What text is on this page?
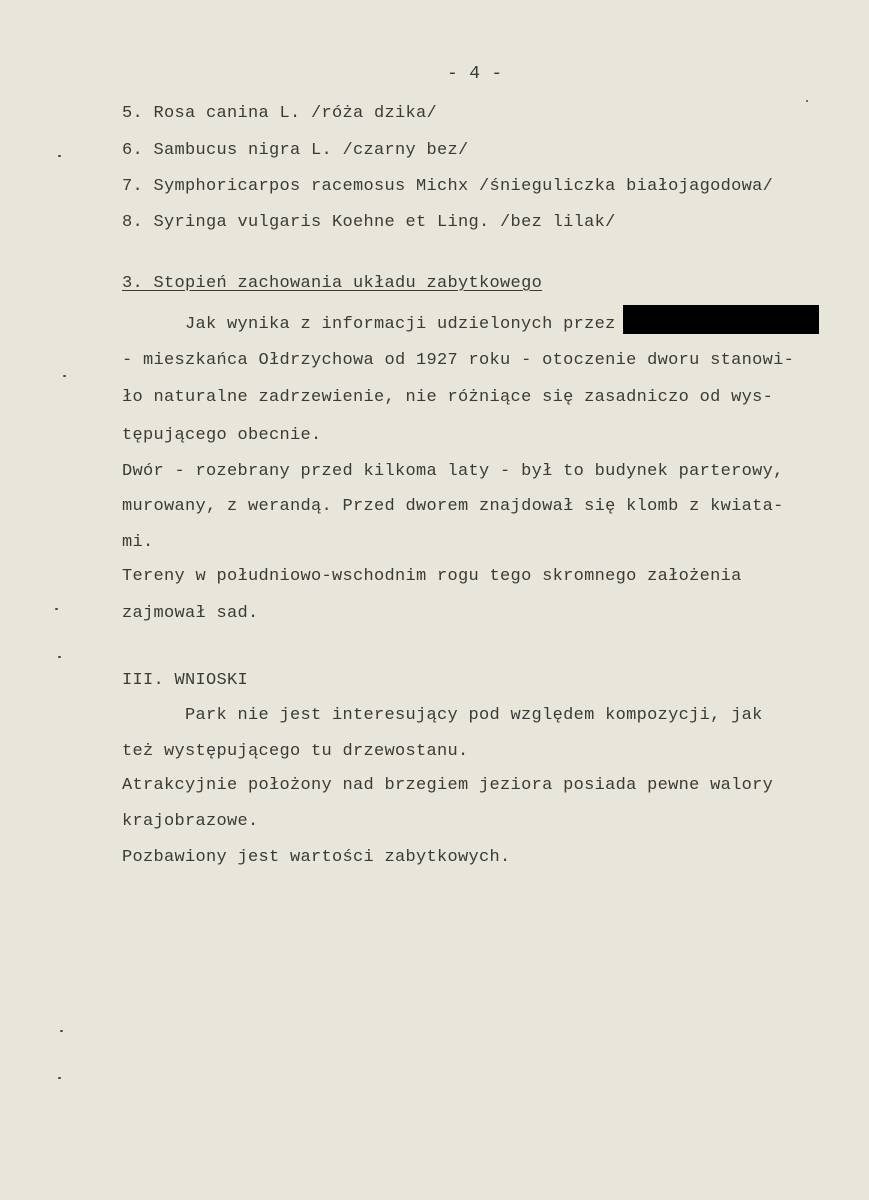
- 4 -
5. Rosa canina L. /róża dzika/
6. Sambucus nigra L. /czarny bez/
7. Symphoricarpos racemosus Michx /śnieguliczka białojagodowa/
8. Syringa vulgaris Koehne et Ling. /bez lilak/
3. Stopień zachowania układu zabytkowego
Jak wynika z informacji udzielonych przez
- mieszkańca Ołdrzychowa od 1927 roku - otoczenie dworu stanowi-
ło naturalne zadrzewienie, nie różniące się zasadniczo od wys-
tępującego obecnie.
Dwór - rozebrany przed kilkoma laty - był to budynek parterowy,
murowany, z werandą. Przed dworem znajdował się klomb z kwiata-
mi.
Tereny w południowo-wschodnim rogu tego skromnego założenia
zajmował sad.
III. WNIOSKI
Park nie jest interesujący pod względem kompozycji, jak
też występującego tu drzewostanu.
Atrakcyjnie położony nad brzegiem jeziora posiada pewne walory
krajobrazowe.
Pozbawiony jest wartości zabytkowych.
